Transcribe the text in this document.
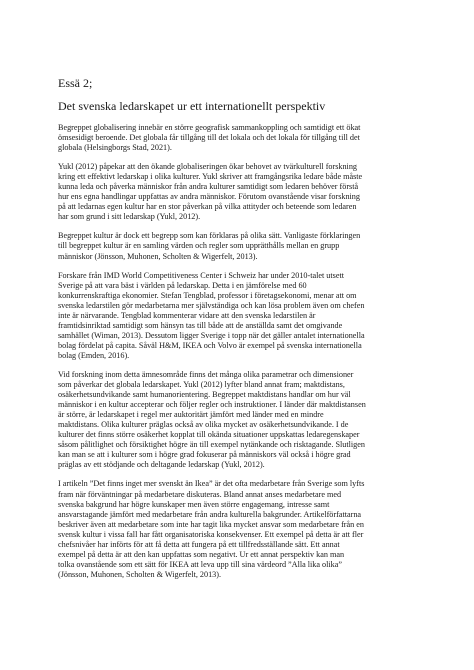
Essä 2;
Det svenska ledarskapet ur ett internationellt perspektiv

Begreppet globalisering innebär en större geografisk sammankoppling och samtidigt ett ökat
ömsesidigt beroende. Det globala får tillgång till det lokala och det lokala för tillgång till det
globala (Helsingborgs Stad, 2021).

Yukl (2012) påpekar att den ökande globaliseringen ökar behovet av tvärkulturell forskning
kring ett effektivt ledarskap i olika kulturer. Yukl skriver att framgångsrika ledare både måste
kunna leda och påverka människor från andra kulturer samtidigt som ledaren behöver förstå
hur ens egna handlingar uppfattas av andra människor. Förutom ovanstående visar forskning
på att ledarnas egen kultur har en stor påverkan på vilka attityder och beteende som ledaren
har som grund i sitt ledarskap (Yukl, 2012).

Begreppet kultur är dock ett begrepp som kan förklaras på olika sätt. Vanligaste förklaringen
till begreppet kultur är en samling värden och regler som upprätthålls mellan en grupp
människor (Jönsson, Muhonen, Scholten & Wigerfelt, 2013).

Forskare från IMD World Competitiveness Center i Schweiz har under 2010-talet utsett
Sverige på att vara bäst i världen på ledarskap. Detta i en jämförelse med 60
konkurrenskraftiga ekonomier. Stefan Tengblad, professor i företagsekonomi, menar att om
svenska ledarstilen gör medarbetarna mer självständiga och kan lösa problem även om chefen
inte är närvarande. Tengblad kommenterar vidare att den svenska ledarstilen är
framtidsinriktad samtidigt som hänsyn tas till både att de anställda samt det omgivande
samhället (Wiman, 2013). Dessutom ligger Sverige i topp när det gäller antalet internationella
bolag fördelat på capita. Såväl H&M, IKEA och Volvo är exempel på svenska internationella
bolag (Emden, 2016).

Vid forskning inom detta ämnesområde finns det många olika parametrar och dimensioner
som påverkar det globala ledarskapet. Yukl (2012) lyfter bland annat fram; maktdistans,
osäkerhetsundvikande samt humanorientering. Begreppet maktdistans handlar om hur väl
människor i en kultur accepterar och följer regler och instruktioner. I länder där maktdistansen
är större, är ledarskapet i regel mer auktoritärt jämfört med länder med en mindre
maktdistans. Olika kulturer präglas också av olika mycket av osäkerhetsundvikande. I de
kulturer det finns större osäkerhet kopplat till okända situationer uppskattas ledaregenskaper
såsom pålitlighet och försiktighet högre än till exempel nytänkande och risktagande. Slutligen
kan man se att i kulturer som i högre grad fokuserar på människors väl också i högre grad
präglas av ett stödjande och deltagande ledarskap (Yukl, 2012).

I artikeln ”Det finns inget mer svenskt än Ikea” är det ofta medarbetare från Sverige som lyfts
fram när förväntningar på medarbetare diskuteras. Bland annat anses medarbetare med
svenska bakgrund har högre kunskaper men även större engagemang, intresse samt
ansvarstagande jämfört med medarbetare från andra kulturella bakgrunder. Artikelförfattarna
beskriver även att medarbetare som inte har tagit lika mycket ansvar som medarbetare från en
svensk kultur i vissa fall har fått organisatoriska konsekvenser. Ett exempel på detta är att fler
chefsnivåer har införts för att få detta att fungera på ett tillfredsställande sätt. Ett annat
exempel på detta är att den kan uppfattas som negativt. Ur ett annat perspektiv kan man
tolka ovanstående som ett sätt för IKEA att leva upp till sina värdeord ”Alla lika olika”
(Jönsson, Muhonen, Scholten & Wigerfelt, 2013).
